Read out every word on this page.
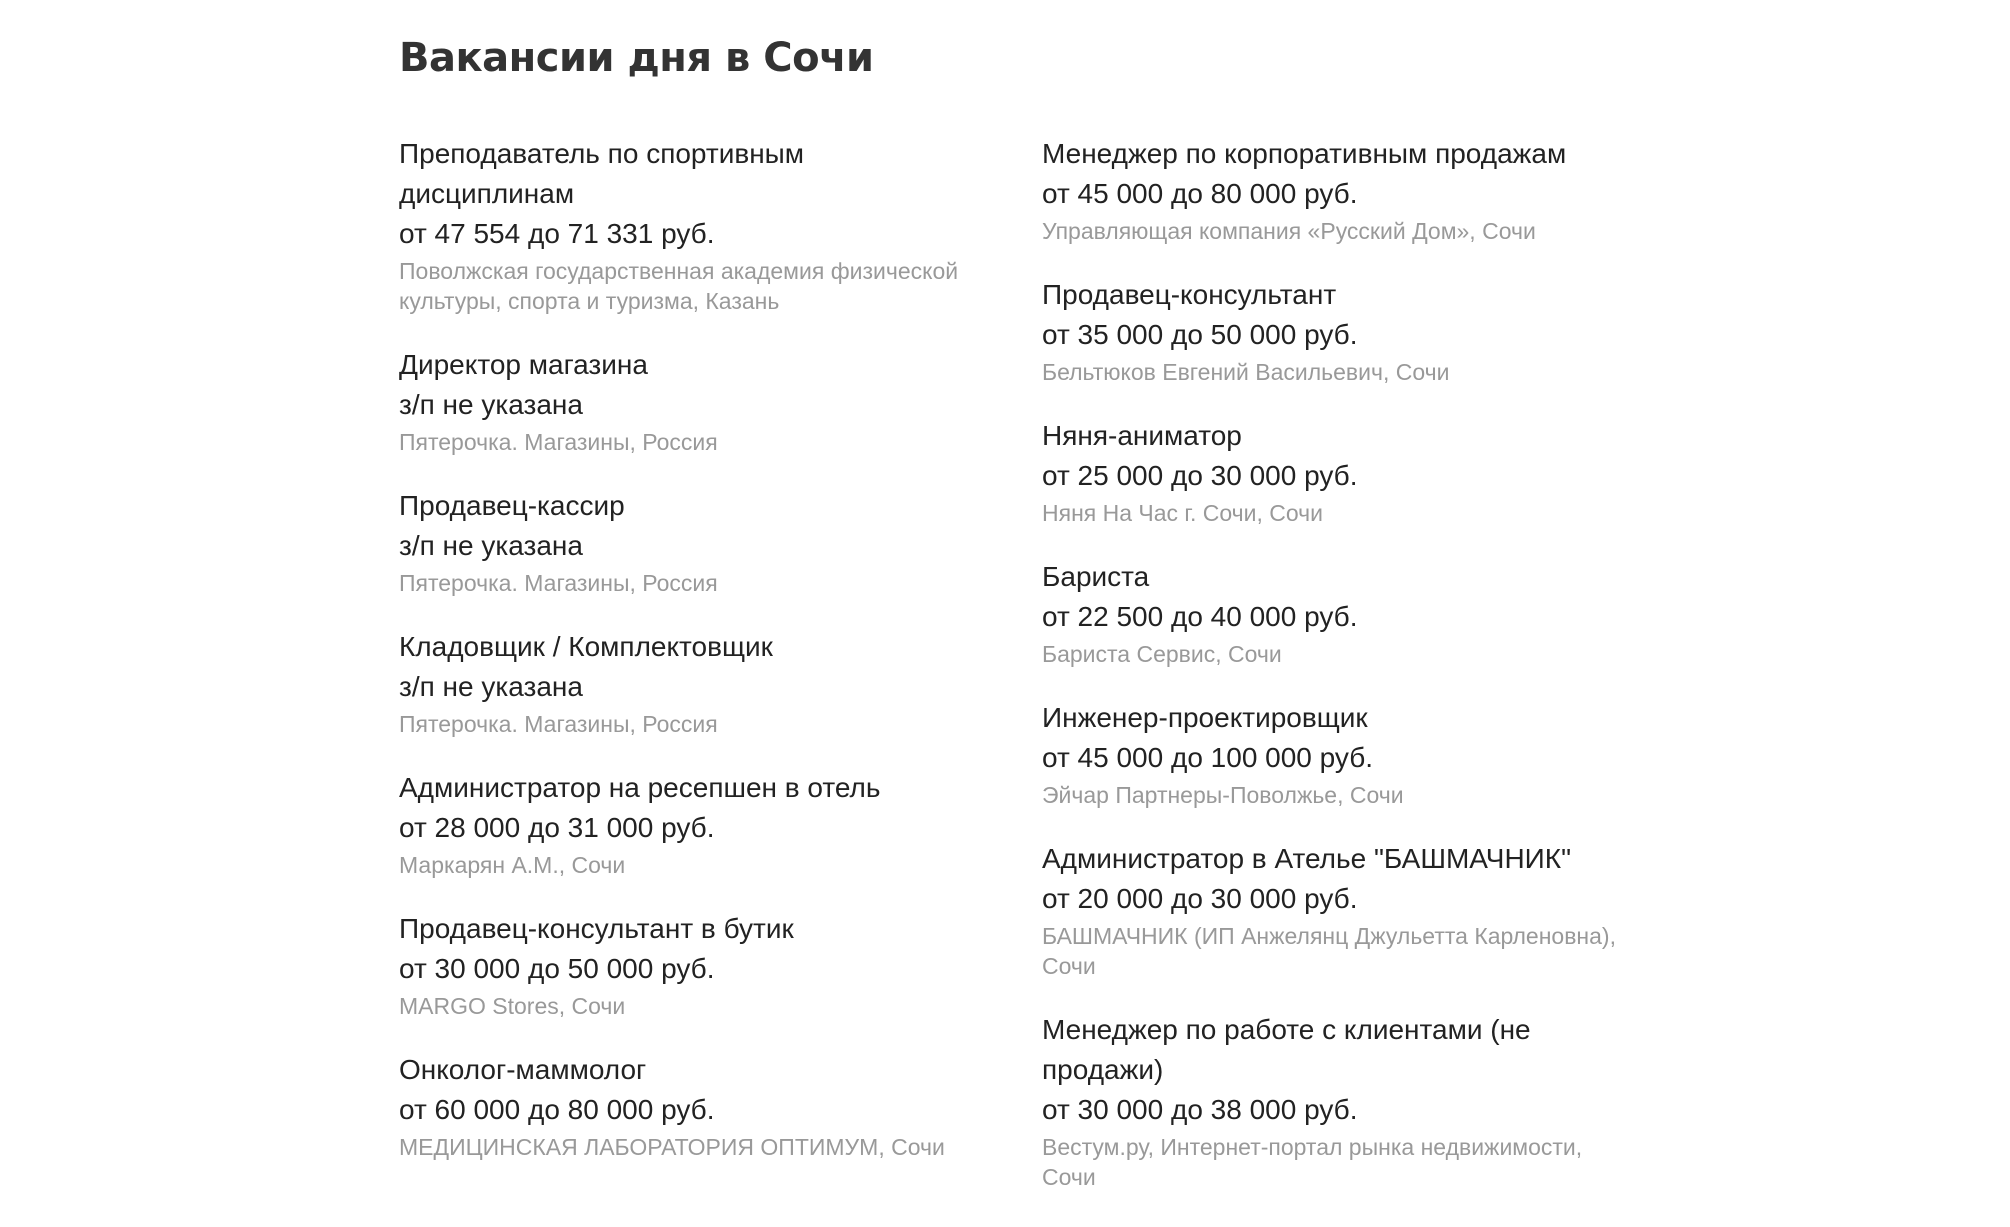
Вакансии дня в Сочи
Преподаватель по спортивным дисциплинам
от 47 554 до 71 331 руб.
Поволжская государственная академия физической культуры, спорта и туризма, Казань
Директор магазина
з/п не указана
Пятерочка. Магазины, Россия
Продавец-кассир
з/п не указана
Пятерочка. Магазины, Россия
Кладовщик / Комплектовщик
з/п не указана
Пятерочка. Магазины, Россия
Администратор на ресепшен в отель
от 28 000 до 31 000 руб.
Маркарян А.М., Сочи
Продавец-консультант в бутик
от 30 000 до 50 000 руб.
MARGO Stores, Сочи
Онколог-маммолог
от 60 000 до 80 000 руб.
МЕДИЦИНСКАЯ ЛАБОРАТОРИЯ ОПТИМУМ, Сочи
Менеджер по корпоративным продажам
от 45 000 до 80 000 руб.
Управляющая компания «Русский Дом», Сочи
Продавец-консультант
от 35 000 до 50 000 руб.
Бельтюков Евгений Васильевич, Сочи
Няня-аниматор
от 25 000 до 30 000 руб.
Няня На Час г. Сочи, Сочи
Бариста
от 22 500 до 40 000 руб.
Бариста Сервис, Сочи
Инженер-проектировщик
от 45 000 до 100 000 руб.
Эйчар Партнеры-Поволжье, Сочи
Администратор в Ателье "БАШМАЧНИК"
от 20 000 до 30 000 руб.
БАШМАЧНИК (ИП Анжелянц Джульетта Карленовна), Сочи
Менеджер по работе с клиентами (не продажи)
от 30 000 до 38 000 руб.
Вестум.ру, Интернет-портал рынка недвижимости, Сочи
